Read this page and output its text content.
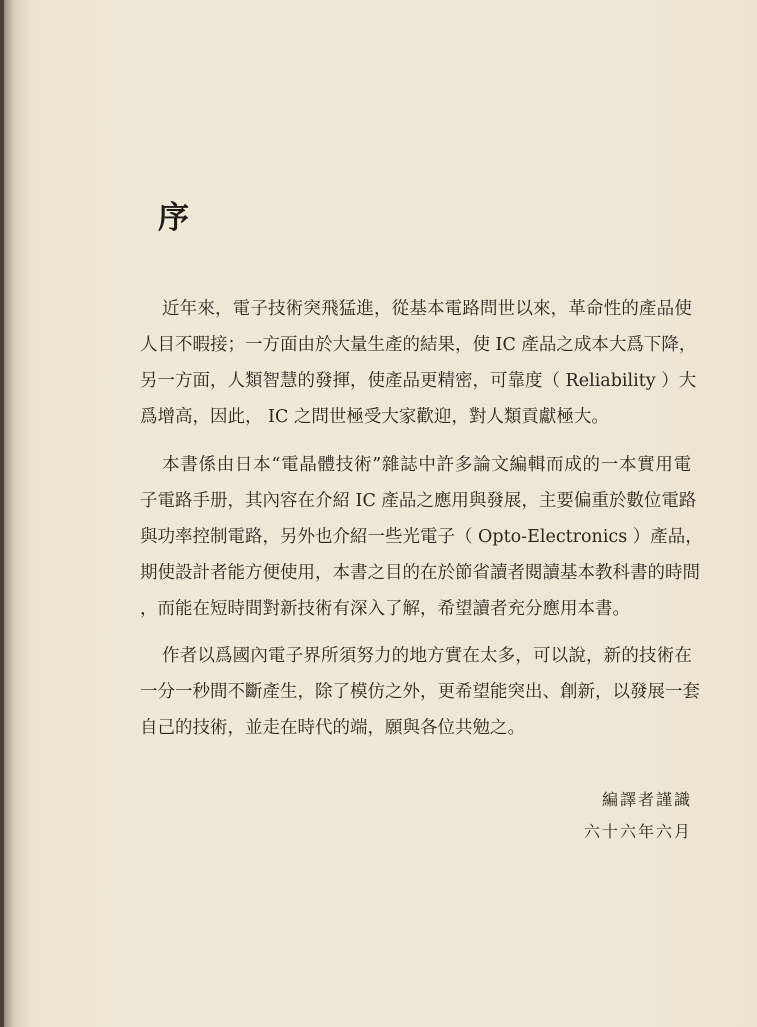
序
近年來，電子技術突飛猛進，從基本電路問世以來，革命性的產品使
人目不暇接；一方面由於大量生產的結果，使 IC 產品之成本大爲下降，
另一方面，人類智慧的發揮，使產品更精密，可靠度（ Reliability ）大
爲增高，因此， IC 之問世極受大家歡迎，對人類貢獻極大。
本書係由日本“電晶體技術”雜誌中許多論文編輯而成的一本實用電
子電路手册，其內容在介紹 IC 產品之應用與發展，主要偏重於數位電路
與功率控制電路，另外也介紹一些光電子（ Opto-Electronics ）產品，
期使設計者能方便使用，本書之目的在於節省讀者閱讀基本教科書的時間
，而能在短時間對新技術有深入了解，希望讀者充分應用本書。
作者以爲國內電子界所須努力的地方實在太多，可以說，新的技術在
一分一秒間不斷產生，除了模仿之外，更希望能突出、創新，以發展一套
自己的技術，並走在時代的端，願與各位共勉之。
編譯者謹識
六十六年六月
